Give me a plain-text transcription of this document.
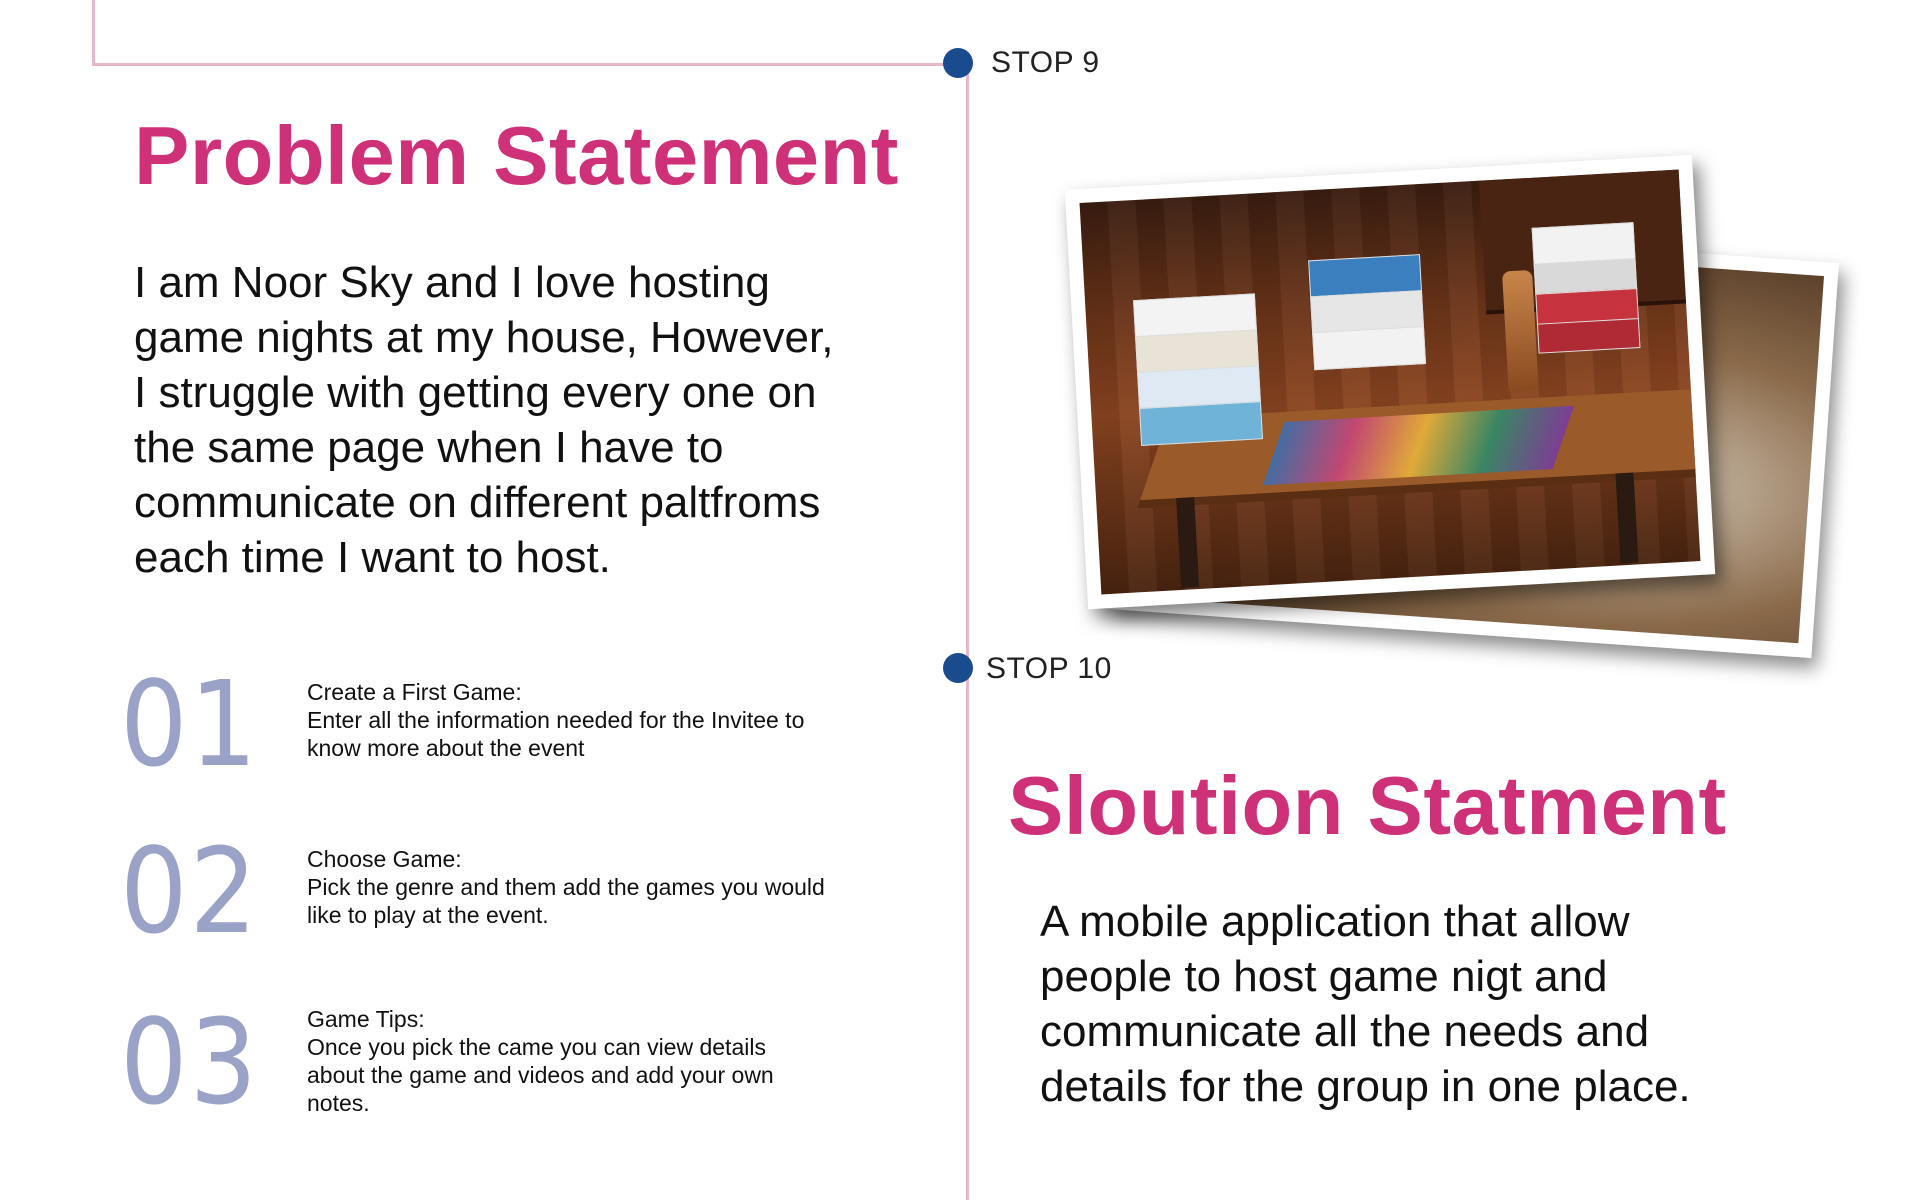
STOP 9
STOP 10
Problem Statement
I am Noor Sky and I love hosting
game nights at my house, However,
I struggle with getting every one on
the same page when I have to
communicate on different paltfroms
each time I want to host.
01 Create a First Game:
Enter all the information needed for the Invitee to
know more about the event
02 Choose Game:
Pick the genre and them add the games you would
like to play at the event.
03 Game Tips:
Once you pick the came you can view details
about the game and videos and add your own
notes.
Sloution Statment
A mobile application that allow
people to host game nigt and
communicate all the needs and
details for the group in one place.
